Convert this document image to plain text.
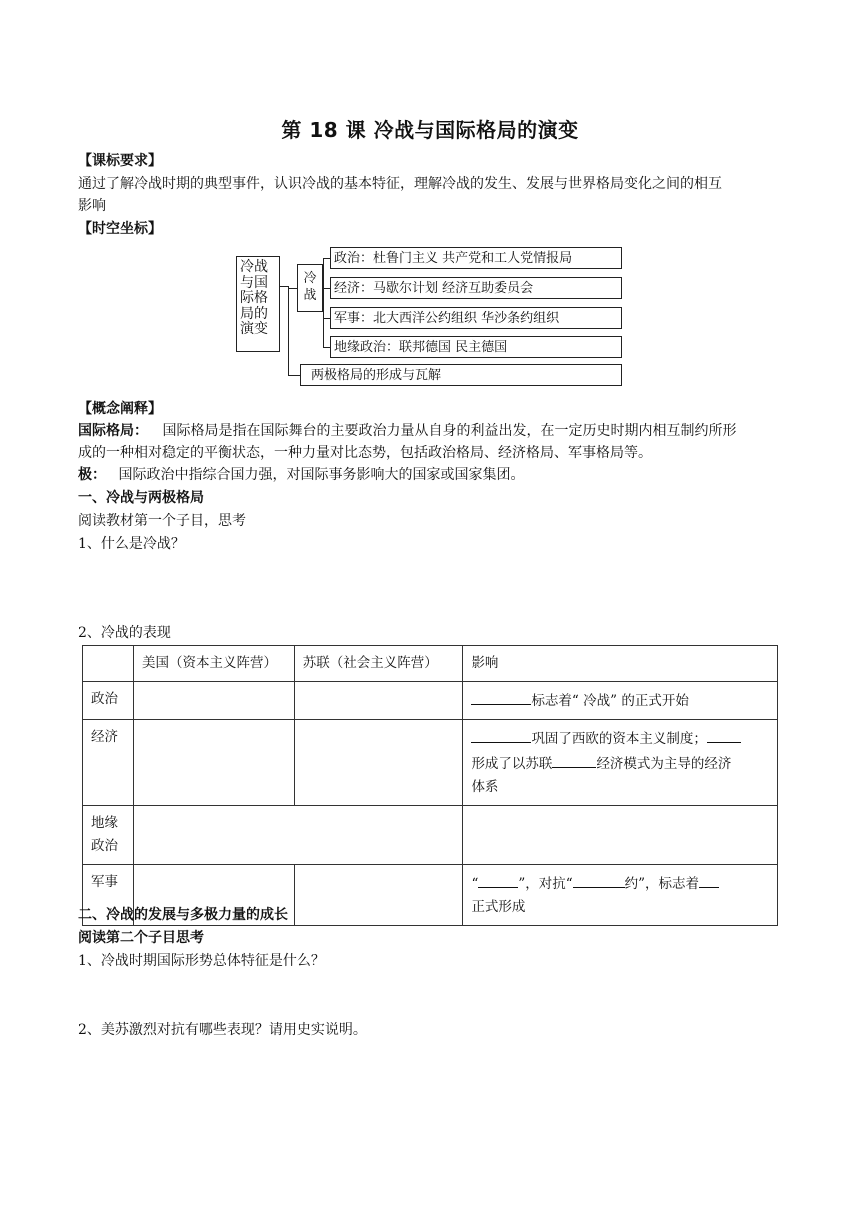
第 18 课 冷战与国际格局的演变
【课标要求】
通过了解冷战时期的典型事件，认识冷战的基本特征，理解冷战的发生、发展与世界格局变化之间的相互
影响
【时空坐标】
冷战
与国
际格
局的
演变
冷
战
政治：杜鲁门主义 共产党和工人党情报局
经济：马歇尔计划 经济互助委员会
军事：北大西洋公约组织 华沙条约组织
地缘政治：联邦德国 民主德国
两极格局的形成与瓦解
【概念阐释】
国际格局： 国际格局是指在国际舞台的主要政治力量从自身的利益出发，在一定历史时期内相互制约所形
成的一种相对稳定的平衡状态，一种力量对比态势，包括政治格局、经济格局、军事格局等。
极： 国际政治中指综合国力强，对国际事务影响大的国家或国家集团。
一、冷战与两极格局
阅读教材第一个子目，思考
1、什么是冷战？
2、冷战的表现
	美国（资本主义阵营）	苏联（社会主义阵营）	影响
政治			标志着“ 冷战” 的正式开始
经济			巩固了西欧的资本主义制度；
形成了以苏联 经济模式为主导的经济
体系

地缘
政治			

军事			“ ”，对抗“ 约”，标志着
正式形成
二、冷战的发展与多极力量的成长
阅读第二个子目思考
1、冷战时期国际形势总体特征是什么？
2、美苏激烈对抗有哪些表现？请用史实说明。
